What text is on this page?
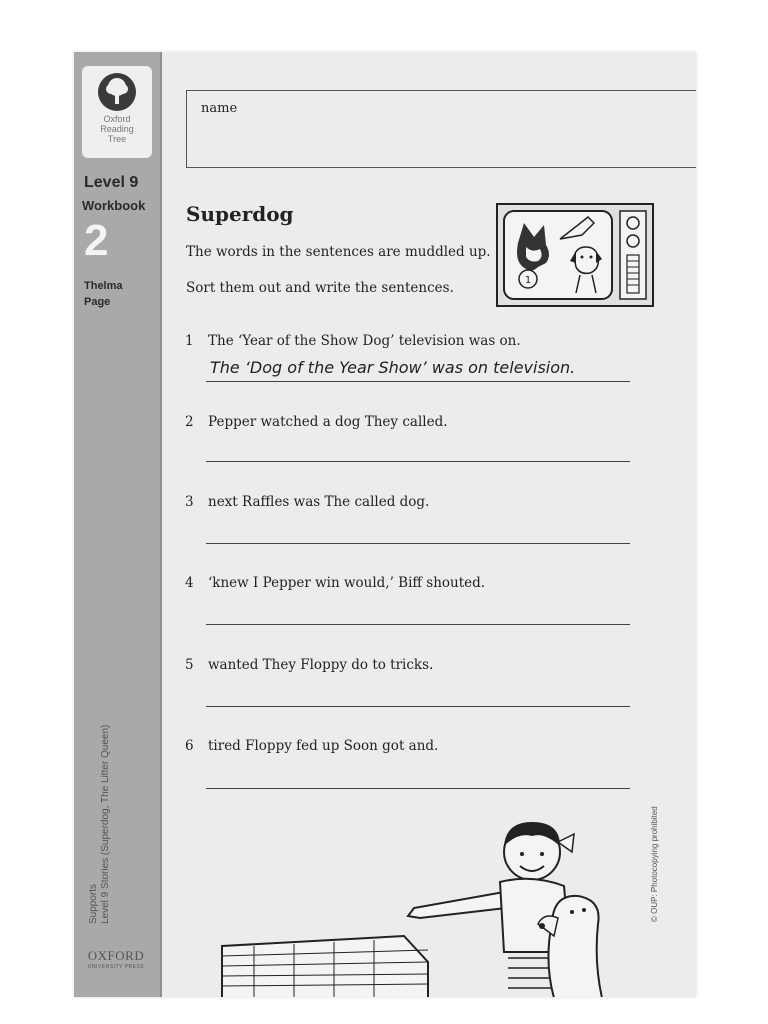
Oxford
Reading
Tree
Level 9
Workbook
2
Thelma
Page
Supports Level 9 Stories (Superdog, The Litter Queen)
OXFORD
UNIVERSITY PRESS
name
Superdog
The words in the sentences are muddled up.
Sort them out and write the sentences.	1
1 The ‘Year of the Show Dog’ television was on.
The ‘Dog of the Year Show’ was on television.
2 Pepper watched a dog They called.
3 next Raffles was The called dog.
4 ‘knew I Pepper win would,’ Biff shouted.
5 wanted They Floppy do to tricks.
6 tired Floppy fed up Soon got and.
© OUP: Photocopying prohibited
